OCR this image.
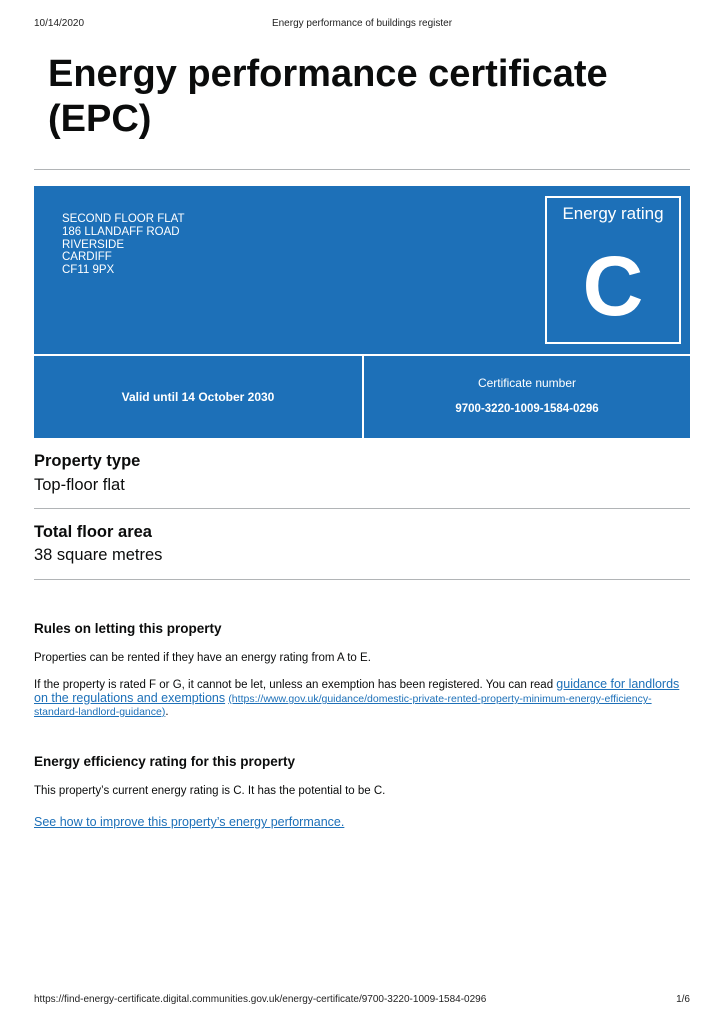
10/14/2020	Energy performance of buildings register
Energy performance certificate
(EPC)
SECOND FLOOR FLAT
186 LLANDAFF ROAD
RIVERSIDE
CARDIFF
CF11 9PX
Energy rating
C
Valid until 14 October 2030
Certificate number
9700-3220-1009-1584-0296
Property type
Top-floor flat
Total floor area
38 square metres
Rules on letting this property
Properties can be rented if they have an energy rating from A to E.
If the property is rated F or G, it cannot be let, unless an exemption has been registered. You can read guidance for landlords
on the regulations and exemptions (https://www.gov.uk/guidance/domestic-private-rented-property-minimum-energy-efficiency-
standard-landlord-guidance).
Energy efficiency rating for this property
This property’s current energy rating is C. It has the potential to be C.
See how to improve this property’s energy performance.
https://find-energy-certificate.digital.communities.gov.uk/energy-certificate/9700-3220-1009-1584-0296	1/6
